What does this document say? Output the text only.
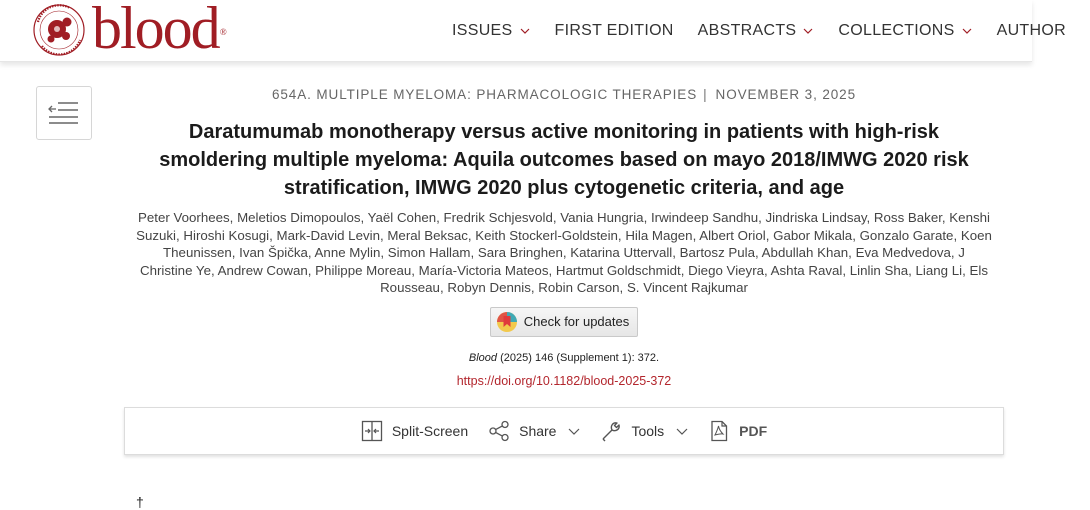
blood ®	ISSUES	FIRST EDITION ABSTRACTS	COLLECTIONS	AUTHOR
654A. MULTIPLE MYELOMA: PHARMACOLOGIC THERAPIES | NOVEMBER 3, 2025
Daratumumab monotherapy versus active monitoring in patients with high-risk smoldering multiple myeloma: Aquila outcomes based on mayo 2018/IMWG 2020 risk stratification, IMWG 2020 plus cytogenetic criteria, and age
Peter Voorhees, Meletios Dimopoulos, Yaël Cohen, Fredrik Schjesvold, Vania Hungria, Irwindeep Sandhu, Jindriska Lindsay, Ross Baker, Kenshi Suzuki, Hiroshi Kosugi, Mark-David Levin, Meral Beksac, Keith Stockerl-Goldstein, Hila Magen, Albert Oriol, Gabor Mikala, Gonzalo Garate, Koen Theunissen, Ivan Špička, Anne Mylin, Simon Hallam, Sara Bringhen, Katarina Uttervall, Bartosz Pula, Abdullah Khan, Eva Medvedova, J Christine Ye, Andrew Cowan, Philippe Moreau, María-Victoria Mateos, Hartmut Goldschmidt, Diego Vieyra, Ashta Raval, Linlin Sha, Liang Li, Els Rousseau, Robyn Dennis, Robin Carson, S. Vincent Rajkumar
Check for updates
Blood (2025) 146 (Supplement 1): 372.
https://doi.org/10.1182/blood-2025-372
Split-Screen	Share	Tools	PDF
†
